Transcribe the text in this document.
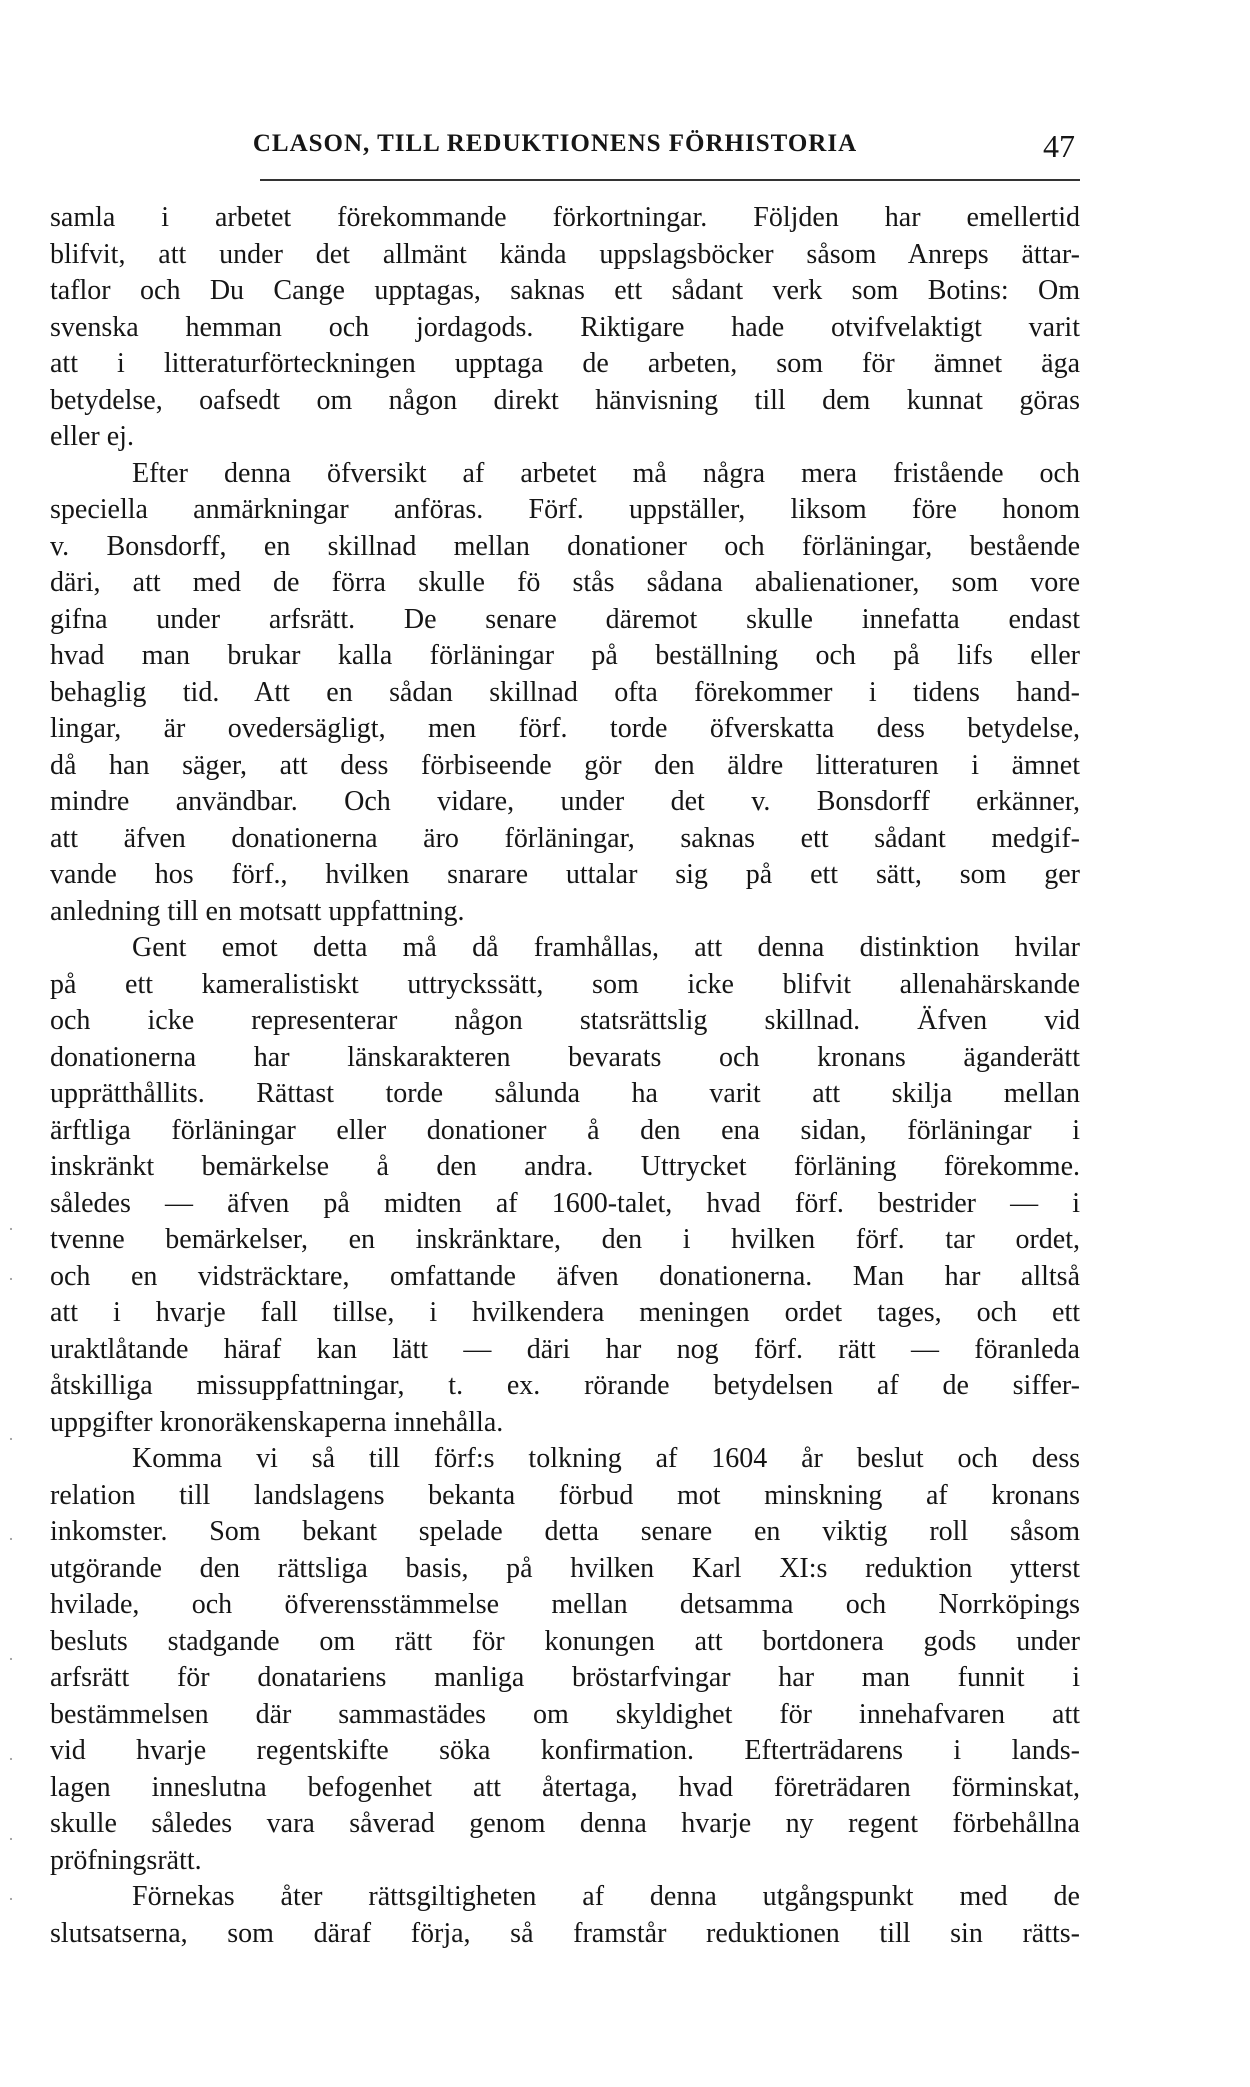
CLASON, TILL REDUKTIONENS FÖRHISTORIA	47
samla i arbetet förekommande förkortningar. Följden har emellertid
blifvit, att under det allmänt kända uppslagsböcker såsom Anreps ättar-
taflor och Du Cange upptagas, saknas ett sådant verk som Botins: Om
svenska hemman och jordagods. Riktigare hade otvifvelaktigt varit
att i litteraturförteckningen upptaga de arbeten, som för ämnet äga
betydelse, oafsedt om någon direkt hänvisning till dem kunnat göras
eller ej.
Efter denna öfversikt af arbetet må några mera fristående och
speciella anmärkningar anföras. Förf. uppställer, liksom före honom
v. Bonsdorff, en skillnad mellan donationer och förläningar, bestående
däri, att med de förra skulle fö stås sådana abalienationer, som vore
gifna under arfsrätt. De senare däremot skulle innefatta endast
hvad man brukar kalla förläningar på beställning och på lifs eller
behaglig tid. Att en sådan skillnad ofta förekommer i tidens hand-
lingar, är ovedersägligt, men förf. torde öfverskatta dess betydelse,
då han säger, att dess förbiseende gör den äldre litteraturen i ämnet
mindre användbar. Och vidare, under det v. Bonsdorff erkänner,
att äfven donationerna äro förläningar, saknas ett sådant medgif-
vande hos förf., hvilken snarare uttalar sig på ett sätt, som ger
anledning till en motsatt uppfattning.
Gent emot detta må då framhållas, att denna distinktion hvilar
på ett kameralistiskt uttryckssätt, som icke blifvit allenahärskande
och icke representerar någon statsrättslig skillnad. Äfven vid
donationerna har länskarakteren bevarats och kronans äganderätt
upprätthållits. Rättast torde sålunda ha varit att skilja mellan
ärftliga förläningar eller donationer å den ena sidan, förläningar i
inskränkt bemärkelse å den andra. Uttrycket förläning förekomme.
således — äfven på midten af 1600-talet, hvad förf. bestrider — i
tvenne bemärkelser, en inskränktare, den i hvilken förf. tar ordet,
och en vidsträcktare, omfattande äfven donationerna. Man har alltså
att i hvarje fall tillse, i hvilkendera meningen ordet tages, och ett
uraktlåtande häraf kan lätt — däri har nog förf. rätt — föranleda
åtskilliga missuppfattningar, t. ex. rörande betydelsen af de siffer-
uppgifter kronoräkenskaperna innehålla.
Komma vi så till förf:s tolkning af 1604 år beslut och dess
relation till landslagens bekanta förbud mot minskning af kronans
inkomster. Som bekant spelade detta senare en viktig roll såsom
utgörande den rättsliga basis, på hvilken Karl XI:s reduktion ytterst
hvilade, och öfverensstämmelse mellan detsamma och Norrköpings
besluts stadgande om rätt för konungen att bortdonera gods under
arfsrätt för donatariens manliga bröstarfvingar har man funnit i
bestämmelsen där sammastädes om skyldighet för innehafvaren att
vid hvarje regentskifte söka konfirmation. Efterträdarens i lands-
lagen inneslutna befogenhet att återtaga, hvad företrädaren förminskat,
skulle således vara såverad genom denna hvarje ny regent förbehållna
pröfningsrätt.
Förnekas åter rättsgiltigheten af denna utgångspunkt med de
slutsatserna, som däraf förja, så framstår reduktionen till sin rätts-
·
·
·
·
·
·
·
·
